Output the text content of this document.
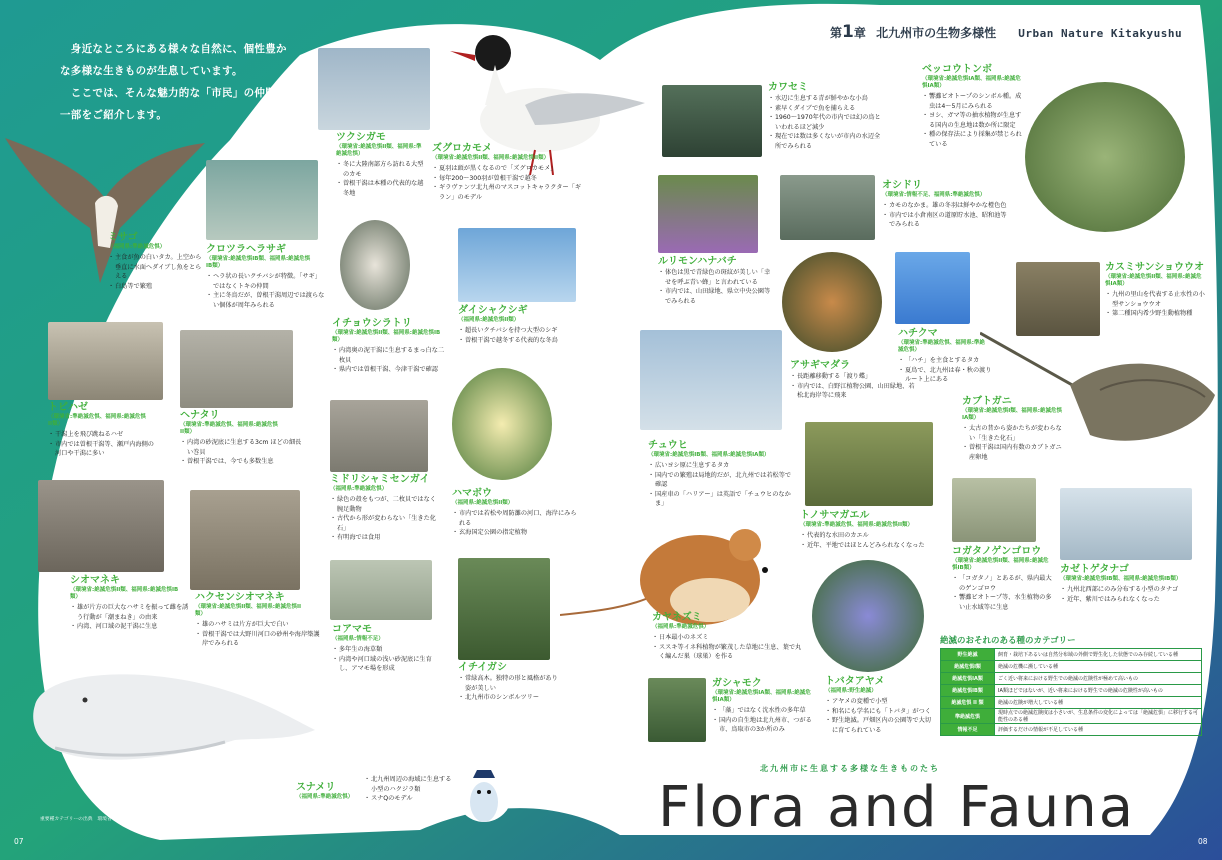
　身近なところにある様々な自然に、個性豊か
な多様な生きものが生息しています。
　ここでは、そんな魅力的な「市民」の仲間の
一部をご紹介します。
第1章 北九州市の生物多様性 Urban Nature Kitakyushu
ミサゴ
（福岡県:準絶滅危惧）
・ 主食が魚の白いタカ。上空から垂直に水面へダイブし魚をとらえる
・ 白島等で繁殖
ツクシガモ
（環境省:絶滅危惧II類、福岡県:準絶滅危惧）
・ 冬に大陸南部方ら訪れる大型のカモ
・ 曽根干潟は本種の代表的な越冬地
ズグロカモメ
（環境省:絶滅危惧II類、福岡県:絶滅危惧II類）
・ 夏羽は頭が黒くなるので「ズグロカモメ」
・ 毎年200～300羽が曽根干潟で越冬
・ ギラヴァンツ北九州のマスコットキャラクター「ギラン」のモデル
クロツラヘラサギ
（環境省:絶滅危惧IB類、福岡県:絶滅危惧IB類）
・ ヘラ状の長いクチバシが特徴。「サギ」ではなくトキの仲間
・ 主に冬鳥だが、曽根干潟周辺では渡らない個体が周年みられる
イチョウシラトリ
（環境省:絶滅危惧II類、福岡県:絶滅危惧IB類）
・ 内湾奥の泥干潟に生息するまっ白な二枚貝
・ 県内では曽根干潟、今津干潟で確認
ダイシャクシギ
（福岡県:絶滅危惧II類）
・ 超長いクチバシを持つ大型のシギ
・ 曽根干潟で越冬する代表的な冬鳥
トビハゼ
（環境省:準絶滅危惧、福岡県:絶滅危惧II類）
・ 干潟上を飛び跳ねるハゼ
・ 市内では曽根干潟等、瀬戸内海側の河口や干潟に多い
ヘナタリ
（環境省:準絶滅危惧、福岡県:絶滅危惧II類）
・ 内湾の砂泥底に生息する3cm ほどの細長い巻貝
・ 曽根干潟では、今でも多数生息
ミドリシャミセンガイ
（福岡県:準絶滅危惧）
・ 緑色の殻をもつが、二枚貝ではなく腕足動物
・ 古代から形が変わらない「生きた化石」
・ 有明海では食用
ハマボウ
（福岡県:絶滅危惧II類）
・ 市内では若松や周防灘の河口、海岸にみられる
・ 玄海国定公園の指定植物
シオマネキ
（環境省:絶滅危惧II類、福岡県:絶滅危惧IB類）
・ 雄が片方の巨大なハサミを振って雌を誘う行動が「潮まねき」の由来
・ 内湾、河口域の泥干潟に生息
ハクセンシオマネキ
（環境省:絶滅危惧II類、福岡県:絶滅危惧II類）
・ 雄のハサミは片方が巨大で白い
・ 曽根干潟では大野川河口の砂州や海岸築護岸でみられる
コアマモ
（福岡県:情報不足）
・ 多年生の海草類
・ 内湾や河口域の浅い砂泥底に生育し、アマモ場を形成	イチイガシ
・ 常緑高木。独特の形と風格があり姿が美しい
・ 北九州市のシンボルツリー
スナメリ
（福岡県:準絶滅危惧）
・ 北九州周辺の海域に生息する小型のハクジラ類
・ スナQのモデル
カワセミ
・ 水辺に生息する青が鮮やかな小鳥
・ 素早くダイブで魚を捕らえる
・ 1960～1970年代の市内では幻の鳥といわれるほど減少
・ 現在では数は多くないが市内の水辺全所でみられる
ベッコウトンボ
（環境省:絶滅危惧IA類、福岡県:絶滅危惧IA類）
・ 響灘ビオトープのシンボル種。成虫は4～5月にみられる
・ ヨシ、ガマ等の抽水植物が生息する国内の生息地は数か所に限定
・ 種の保存法により採集が禁じられている
オシドリ
（環境省:情報不足、福岡県:準絶滅危惧）
・ カモのなかま。雄の冬羽は鮮やかな橙色色
・ 市内では小倉南区の道原貯水池、昭和池等でみられる
ルリモンハナバチ
・ 体色は黒で青緑色の斑紋が美しい「幸せを呼ぶ青い蜂」と言われている
・ 市内では、山田緑地、県立中央公園等でみられる
アサギマダラ
・ 長距離移動する「渡り蝶」
・ 市内では、白野江植物公園、山田緑地、若松北海岸等に飛来
ハチクマ
（環境省:準絶滅危惧、福岡県:準絶滅危惧）
・ 「ハチ」を主食とするタカ
・ 夏鳥で、北九州は春・秋の渡りルート上にある
カスミサンショウウオ
（環境省:絶滅危惧II類、福岡県:絶滅危惧IA類）
・ 九州の里山を代表する止水性の小型サンショウウオ
・ 第二種国内希少野生動植物種
チュウヒ
（環境省:絶滅危惧IB類、福岡県:絶滅危惧IA類）
・ 広いヨシ原に生息するタカ
・ 国内での繁殖は局地的だが、北九州では若松等で確認
・ 国産車の「ハリアー」は英語で「チュウヒのなかま」
カブトガニ
（環境省:絶滅危惧I類、福岡県:絶滅危惧IA類）
・ 太古の昔から姿かたちが変わらない「生きた化石」
・ 曽根干潟は国内有数のカブトガニ産卵地
トノサマガエル
（環境省:準絶滅危惧、福岡県:絶滅危惧II類）
・ 代表的な水田のカエル
・ 近年、平地ではほとんどみられなくなった
コガタノゲンゴロウ
（環境省:絶滅危惧II類、福岡県:絶滅危惧IB類）
・ 「コガタノ」とあるが、県内最大のゲンゴロウ
・ 響灘ビオトープ等、水生植物の多い止水域等に生息
カゼトゲタナゴ
（環境省:絶滅危惧IB類、福岡県:絶滅危惧IB類）
・ 九州北西部にのみ分布する小型のタナゴ
・ 近年、紫川ではみられなくなった
カヤネズミ
（福岡県:準絶滅危惧）
・ 日本最小のネズミ
・ ススキ等イネ科植物が繁茂した草地に生息、葉で丸く編んだ巣（球巣）を作る
ガシャモク
（環境省:絶滅危惧IA類、福岡県:絶滅危惧IA類）
・ 「藻」ではなく沈水性の多年草
・ 国内の自生地は北九州市、つがる市、鳥取市の3か所のみ
トバタアヤメ
（福岡県:野生絶滅）
・ アヤメの変種で小型
・ 和名にも学名にも「トバタ」がつく
・ 野生絶滅。戸畑区内の公園等で大切に育てられている
絶滅のおそれのある種のカテゴリー
野生絶滅	飼育・栽培下あるいは自然分布域の外側で野生化した状態でのみ存続している種
絶滅危惧I類	絶滅の危機に瀕している種
絶滅危惧IA類	ごく近い将来における野生での絶滅の危険性が極めて高いもの
絶滅危惧IB類	IA類ほどではないが、近い将来における野生での絶滅の危険性が高いもの
絶滅危惧 II 類	絶滅の危険が増大している種
準絶滅危惧	現時点での絶滅危険度は小さいが、生息条件の変化によっては「絶滅危惧」に移行する可能性のある種
情報不足	評価するだけの情報が不足している種
北九州市に生息する多様な生きものたち
Flora and Fauna
重要種カテゴリーの出典　環境省レッドリスト2020　福岡県の希少野生生物（福岡県レッドデータブック）
07	08
